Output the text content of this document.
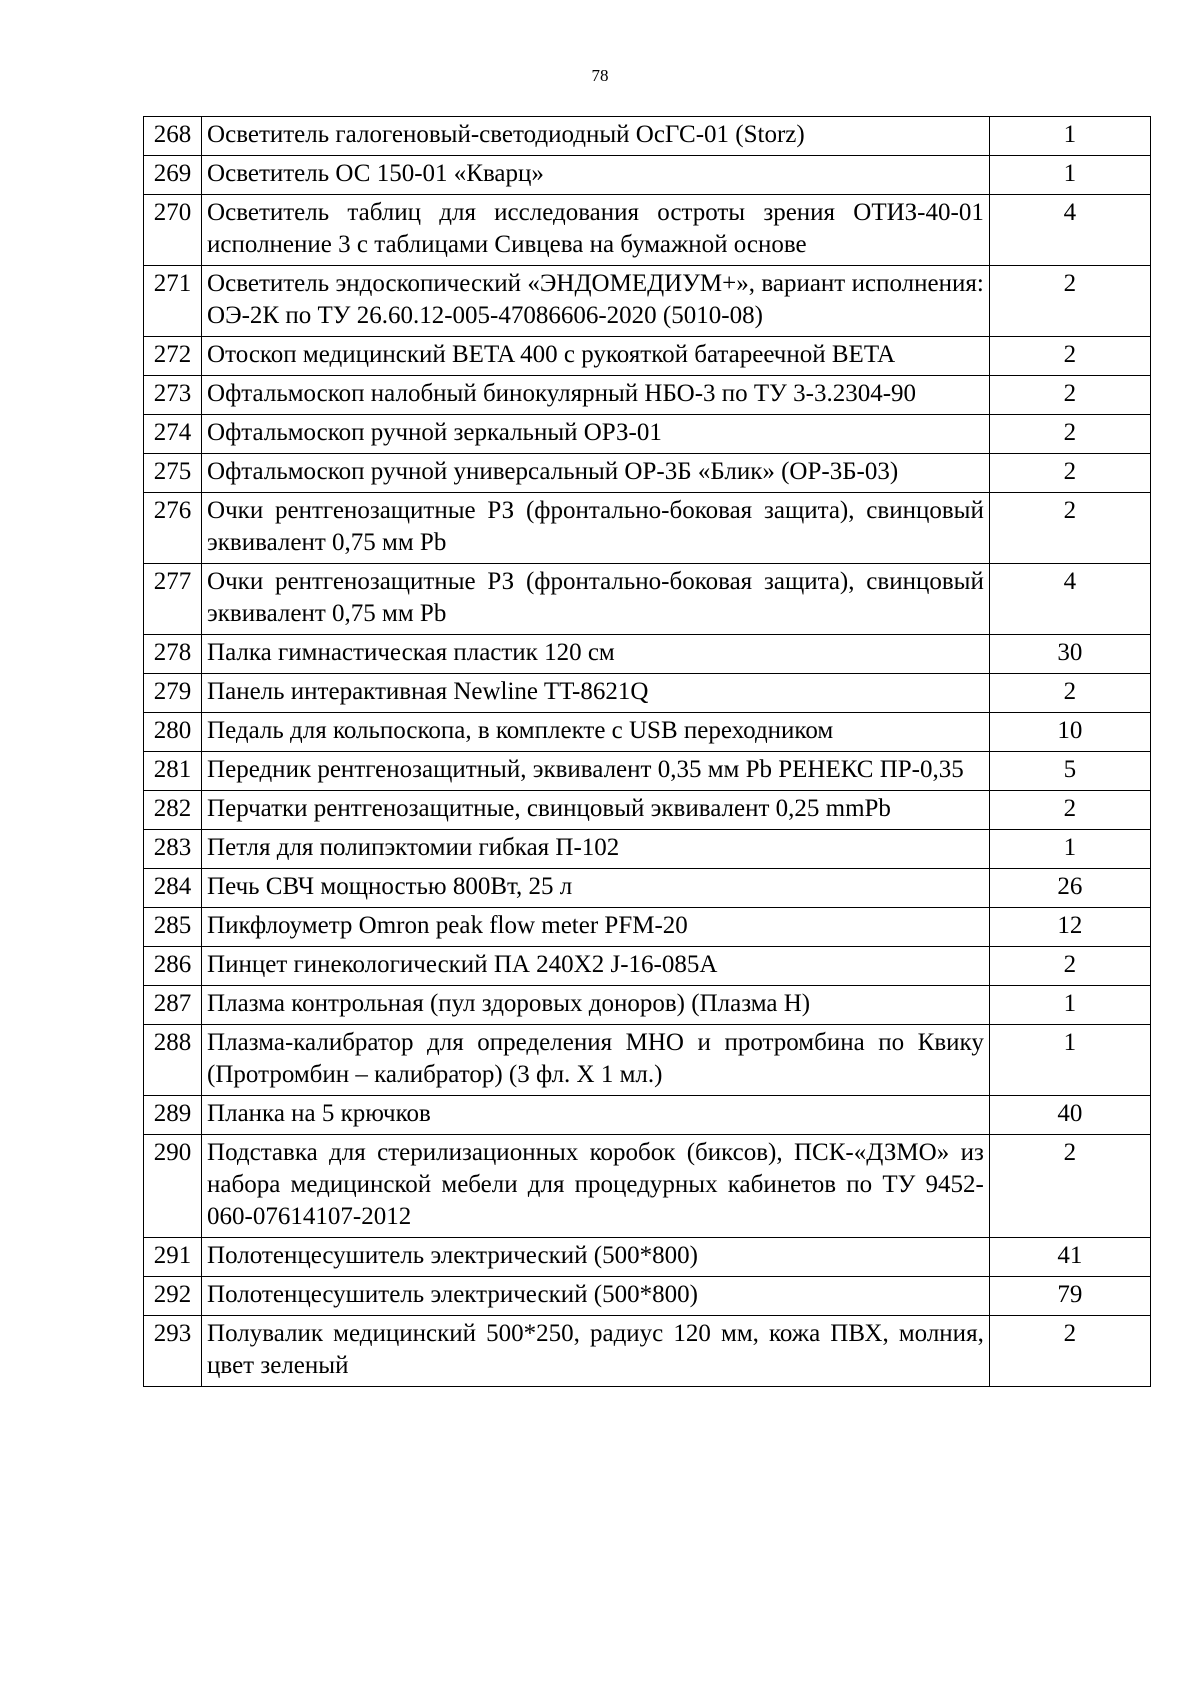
78
268	Осветитель галогеновый-светодиодный ОсГС-01 (Storz)	1
269	Осветитель ОС 150-01 «Кварц»	1
270	Осветитель таблиц для исследования остроты зрения ОТИЗ-40-01 исполнение 3 с таблицами Сивцева на бумажной основе	4
271	Осветитель эндоскопический «ЭНДОМЕДИУМ+», вариант исполнения: ОЭ-2К по ТУ 26.60.12-005-47086606-2020 (5010-08)	2
272	Отоскоп медицинский BETA 400 с рукояткой батареечной BETA	2
273	Офтальмоскоп налобный бинокулярный НБО-3 по ТУ 3-3.2304-90	2
274	Офтальмоскоп ручной зеркальный ОРЗ-01	2
275	Офтальмоскоп ручной универсальный ОР-3Б «Блик» (ОР-3Б-03)	2
276	Очки рентгенозащитные РЗ (фронтально-боковая защита), свинцовый эквивалент 0,75 мм Pb	2
277	Очки рентгенозащитные РЗ (фронтально-боковая защита), свинцовый эквивалент 0,75 мм Pb	4
278	Палка гимнастическая пластик 120 см	30
279	Панель интерактивная Newline TT-8621Q	2
280	Педаль для кольпоскопа, в комплекте с USB переходником	10
281	Передник рентгенозащитный, эквивалент 0,35 мм Pb РЕНЕКС ПР-0,35	5
282	Перчатки рентгенозащитные, свинцовый эквивалент 0,25 mmPb	2
283	Петля для полипэктомии гибкая П-102	1
284	Печь СВЧ мощностью 800Вт, 25 л	26
285	Пикфлоуметр Omron peak flow meter PFM-20	12
286	Пинцет гинекологический ПА 240Х2 J-16-085A	2
287	Плазма контрольная (пул здоровых доноров) (Плазма Н)	1
288	Плазма-калибратор для определения МНО и протромбина по Квику (Протромбин – калибратор) (3 фл. Х 1 мл.)	1
289	Планка на 5 крючков	40
290	Подставка для стерилизационных коробок (биксов), ПСК-«ДЗМО» из набора медицинской мебели для процедурных кабинетов по ТУ 9452-060-07614107-2012	2
291	Полотенцесушитель электрический (500*800)	41
292	Полотенцесушитель электрический (500*800)	79
293	Полувалик медицинский 500*250, радиус 120 мм, кожа ПВХ, молния, цвет зеленый	2
